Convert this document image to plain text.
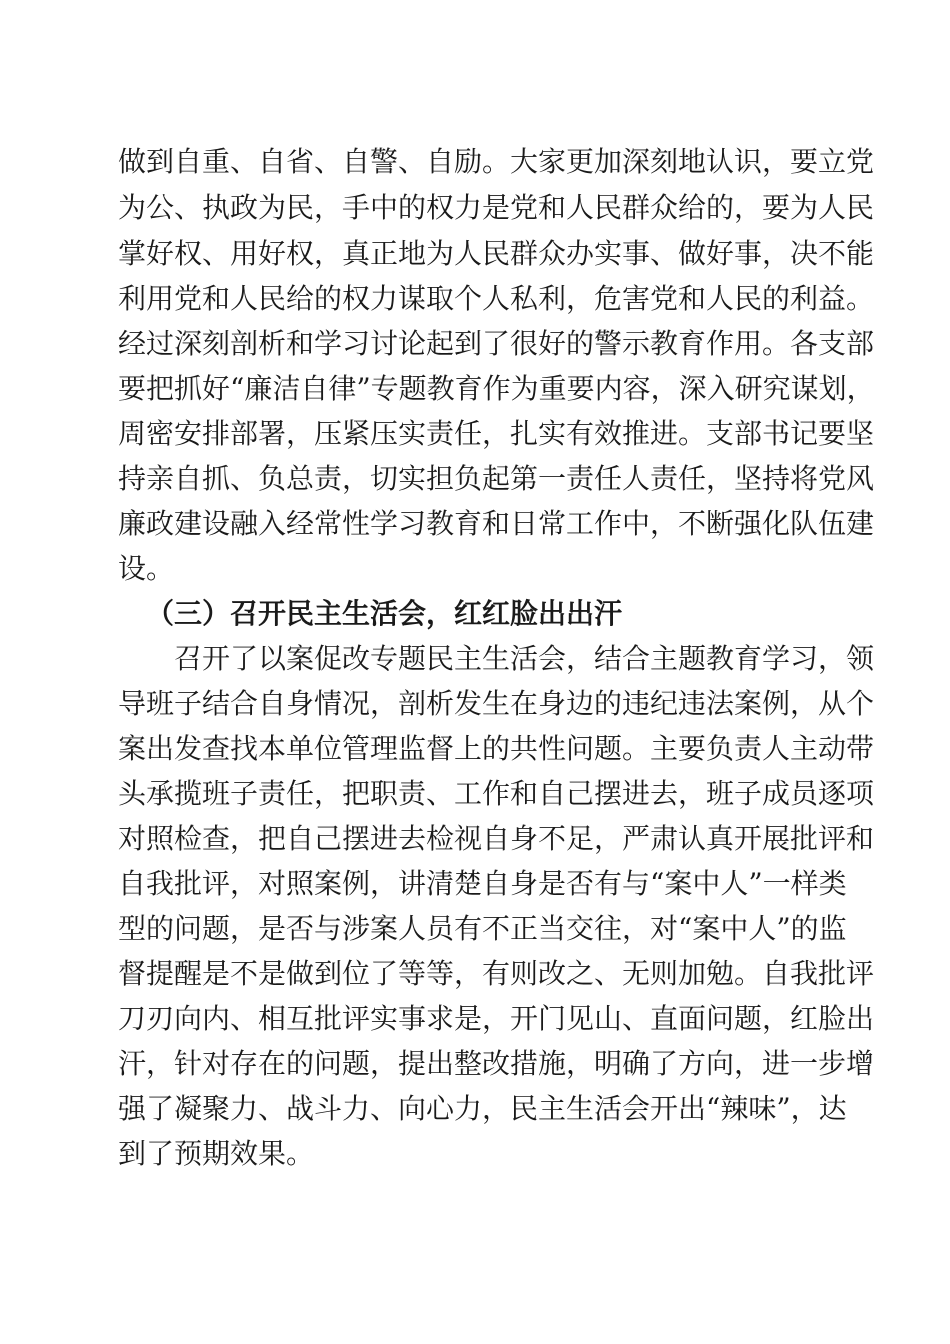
做到自重、自省、自警、自励。大家更加深刻地认识，要立党

为公、执政为民，手中的权力是党和人民群众给的，要为人民

掌好权、用好权，真正地为人民群众办实事、做好事，决不能

利用党和人民给的权力谋取个人私利，危害党和人民的利益。

经过深刻剖析和学习讨论起到了很好的警示教育作用。各支部

要把抓好“廉洁自律”专题教育作为重要内容，深入研究谋划，

周密安排部署，压紧压实责任，扎实有效推进。支部书记要坚

持亲自抓、负总责，切实担负起第一责任人责任，坚持将党风

廉政建设融入经常性学习教育和日常工作中，不断强化队伍建

设。

（三）召开民主生活会，红红脸出出汗

召开了以案促改专题民主生活会，结合主题教育学习，领

导班子结合自身情况，剖析发生在身边的违纪违法案例，从个

案出发查找本单位管理监督上的共性问题。主要负责人主动带

头承揽班子责任，把职责、工作和自己摆进去，班子成员逐项

对照检查，把自己摆进去检视自身不足，严肃认真开展批评和

自我批评，对照案例，讲清楚自身是否有与“案中人”一样类

型的问题，是否与涉案人员有不正当交往，对“案中人”的监

督提醒是不是做到位了等等，有则改之、无则加勉。自我批评

刀刃向内、相互批评实事求是，开门见山、直面问题，红脸出

汗，针对存在的问题，提出整改措施，明确了方向，进一步增

强了凝聚力、战斗力、向心力，民主生活会开出“辣味”，达

到了预期效果。
